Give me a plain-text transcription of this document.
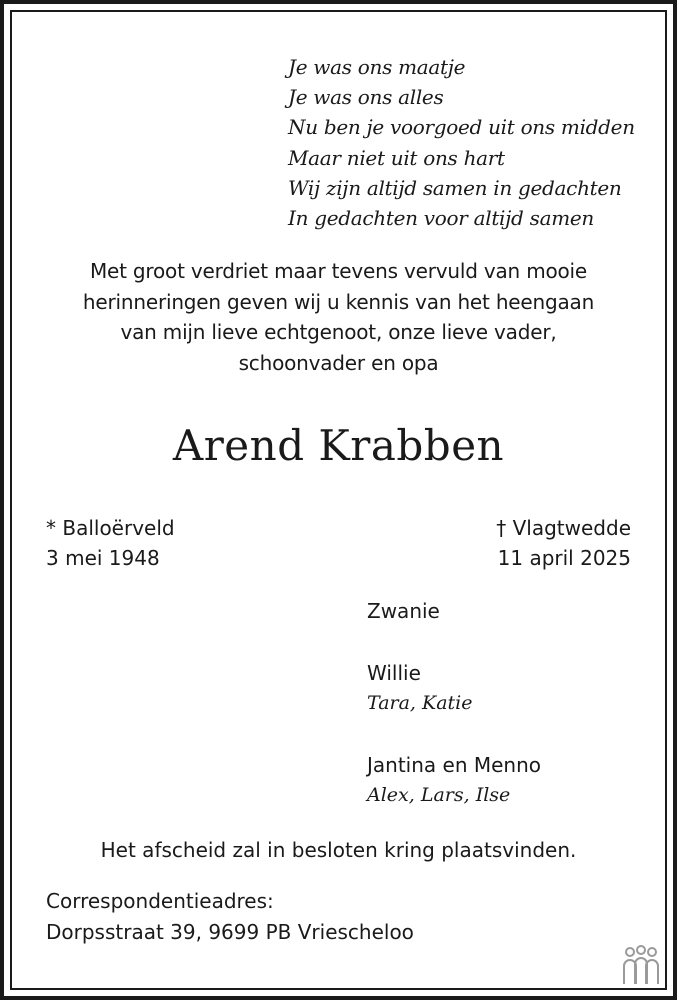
Je was ons maatje
Je was ons alles
Nu ben je voorgoed uit ons midden
Maar niet uit ons hart
Wij zijn altijd samen in gedachten
In gedachten voor altijd samen
Met groot verdriet maar tevens vervuld van mooie
herinneringen geven wij u kennis van het heengaan
van mijn lieve echtgenoot, onze lieve vader,
schoonvader en opa
Arend Krabben
* Balloërveld
3 mei 1948
† Vlagtwedde
11 april 2025
Zwanie
Willie
Tara, Katie
Jantina en Menno
Alex, Lars, Ilse
Het afscheid zal in besloten kring plaatsvinden.
Correspondentieadres:
Dorpsstraat 39, 9699 PB Vriescheloo
